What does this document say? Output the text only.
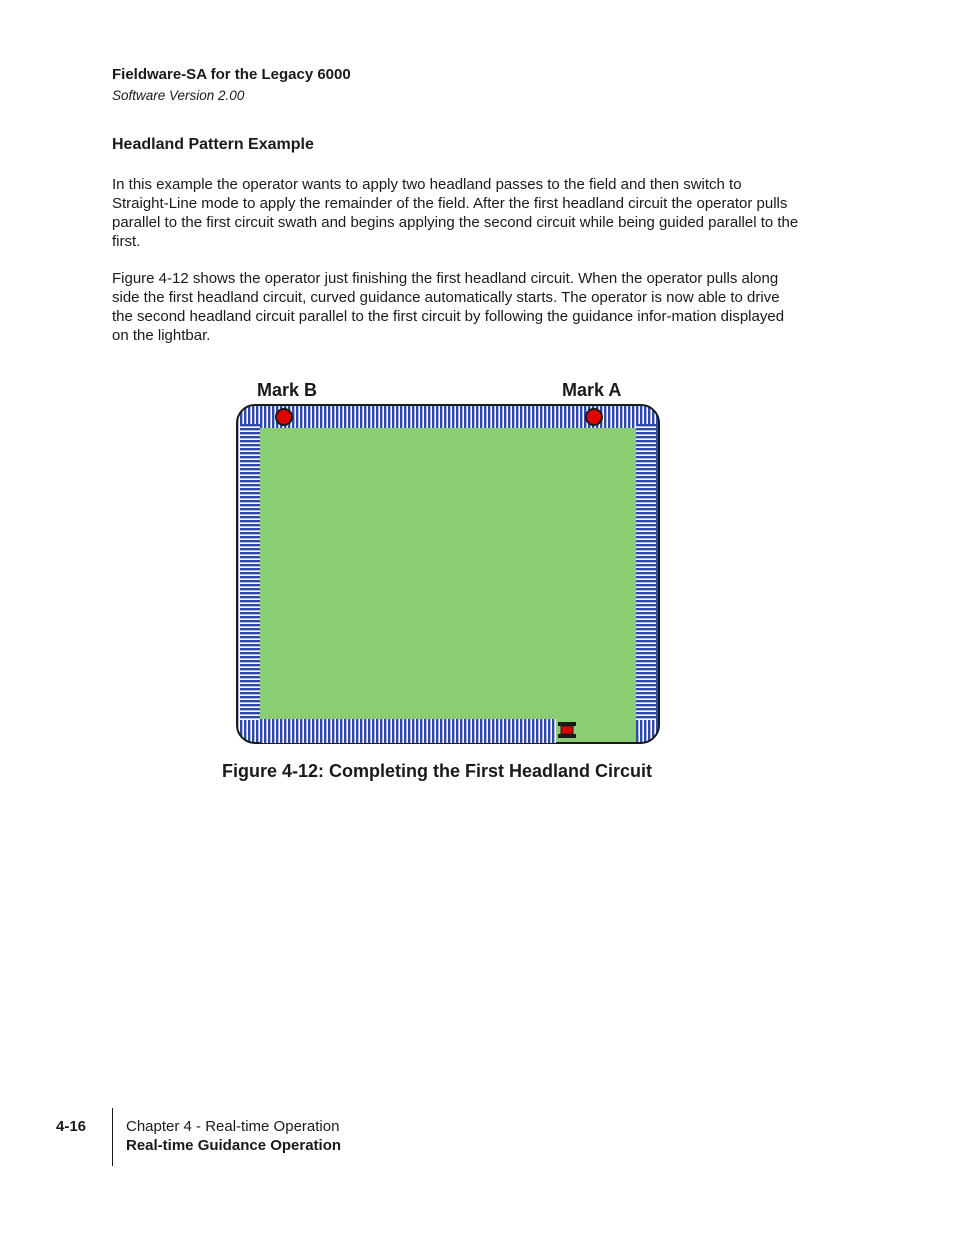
Fieldware-SA for the Legacy 6000
Software Version 2.00
Headland Pattern Example

In this example the operator wants to apply two headland passes to the field and then switch to Straight-Line mode to apply the remainder of the field. After the first headland circuit the operator pulls parallel to the first circuit swath and begins applying the second circuit while being guided parallel to the first.

Figure 4-12 shows the operator just finishing the first headland circuit. When the operator pulls along side the first headland circuit, curved guidance automatically starts. The operator is now able to drive the second headland circuit parallel to the first circuit by following the guidance infor-mation displayed on the lightbar.

Mark B	Mark A
Figure 4-12: Completing the First Headland Circuit
4-16	Chapter 4 - Real-time Operation
Real-time Guidance Operation
